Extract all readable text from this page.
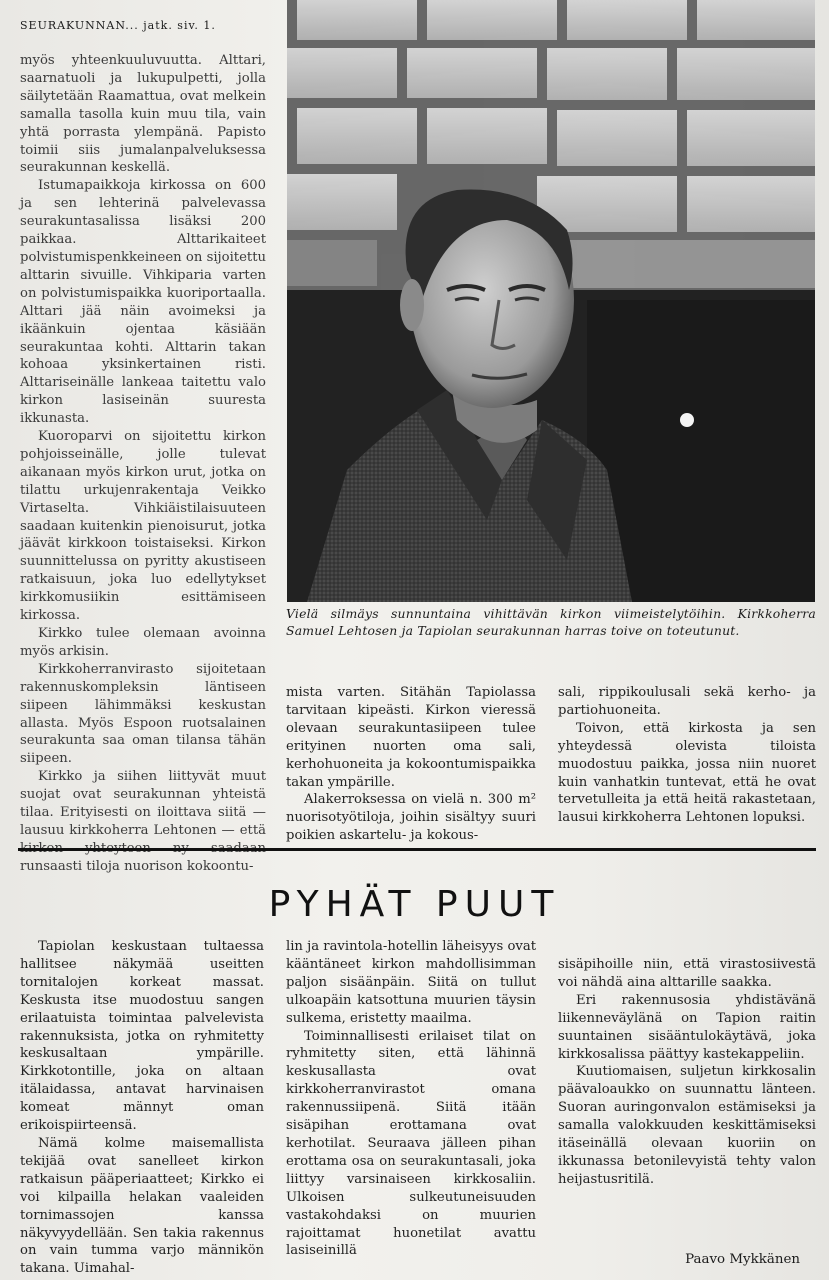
SEURAKUNNAN... jatk. siv. 1.

myös yhteenkuuluvuutta. Alttari, saarnatuoli ja lukupulpetti, jolla säilytetään Raamattua, ovat melkein samalla tasolla kuin muu tila, vain yhtä porrasta ylempänä. Papisto toimii siis jumalanpalveluksessa seurakunnan keskellä.

Istumapaikkoja kirkossa on 600 ja sen lehterinä palvelevassa seurakuntasalissa lisäksi 200 paikkaa. Alttarikaiteet polvistumispenkkeineen on sijoitettu alttarin sivuille. Vihkiparia varten on polvistumispaikka kuoriportaalla. Alttari jää näin avoimeksi ja ikäänkuin ojentaa käsiään seurakuntaa kohti. Alttarin takan kohoaa yksinkertainen risti. Alttariseinälle lankeaa taitettu valo kirkon lasiseinän suuresta ikkunasta.

Kuoroparvi on sijoitettu kirkon pohjoisseinälle, jolle tulevat aikanaan myös kirkon urut, jotka on tilattu urkujenrakentaja Veikko Virtaselta. Vihkiäistilaisuuteen saadaan kuitenkin pienoisurut, jotka jäävät kirkkoon toistaiseksi. Kirkon suunnittelussa on pyritty akustiseen ratkaisuun, joka luo edellytykset kirkkomusiikin esittämiseen kirkossa.

Kirkko tulee olemaan avoinna myös arkisin.

Kirkkoherranvirasto sijoitetaan rakennuskompleksin läntiseen siipeen lähimmäksi keskustan allasta. Myös Espoon ruotsalainen seurakunta saa oman tilansa tähän siipeen.

Kirkko ja siihen liittyvät muut suojat ovat seurakunnan yhteistä tilaa. Erityisesti on iloittava siitä — lausuu kirkkoherra Lehtonen — että runsaasti tiloja nuorison kokoontu-

Vielä silmäys sunnuntaina vihittävän kirkon viimeistelytöihin. Kirkkoherra Samuel Lehtosen ja Tapiolan seurakunnan harras toive on toteutunut.

mista varten. Sitähän Tapiolassa tarvitaan kipeästi. Kirkon vieressä olevaan seurakuntasiipeen tulee erityinen nuorten oma sali, kerhohuoneita ja kokoontumispaikka takan ympärille.

Alakerroksessa on vielä n. 300 m² nuorisotyötiloja, joihin sisältyy suuri poikien askartelu- ja kokous-

sali, rippikoulusali sekä kerho- ja partiohuoneita.

Toivon, että kirkosta ja sen yhteydessä olevista tiloista muodostuu paikka, jossa niin nuoret kuin vanhatkin tuntevat, että he ovat tervetulleita ja että heitä rakastetaan, lausui kirkkoherra Lehtonen lopuksi.

PYHÄT PUUT

Tapiolan keskustaan tultaessa hallitsee näkymää useitten tornitalojen korkeat massat. Keskusta itse muodostuu sangen erilaatuista toimintaa palvelevista rakennuksista, jotka on ryhmitetty keskusaltaan ympärille. Kirkkotontille, joka on altaan itälaidassa, antavat harvinaisen komeat männyt oman erikoispiirteensä.

Nämä kolme maisemallista tekijää ovat sanelleet kirkon ratkaisun pääperiaatteet; Kirkko ei voi kilpailla helakan vaaleiden tornimassojen kanssa näkyvyydellään. Sen takia rakennus on vain tumma varjo männikön takana. Uimahal-

lin ja ravintola-hotellin läheisyys ovat kääntäneet kirkon mahdollisimman paljon sisäänpäin. Siitä on tullut ulkoapäin katsottuna muurien täysin sulkema, eristetty maailma.

Toiminnallisesti erilaiset tilat on ryhmitetty siten, että lähinnä keskusallasta ovat kirkkoherranvirastot omana rakennussiipenä. Siitä itään sisäpihan erottamana ovat kerhotilat. Seuraava jälleen pihan erottama osa on seurakuntasali, joka liittyy varsinaiseen kirkkosaliin. Ulkoisen sulkeutuneisuuden vastakohdaksi on muurien rajoittamat huonetilat avattu lasiseinillä

sisäpihoille niin, että virastosiivestä voi nähdä aina alttarille saakka.

Eri rakennusosia yhdistävänä liikenneväylänä on Tapion raitin suuntainen sisääntulokäytävä, joka kirkkosalissa päättyy kastekappeliin.

Kuutiomaisen, suljetun kirkkosalin päävaloaukko on suunnattu länteen. Suoran auringonvalon estämiseksi ja samalla valokkuuden keskittämiseksi itäseinällä olevaan kuoriin on ikkunassa betonilevyistä tehty valon heijastusritilä.

Paavo Mykkänen
